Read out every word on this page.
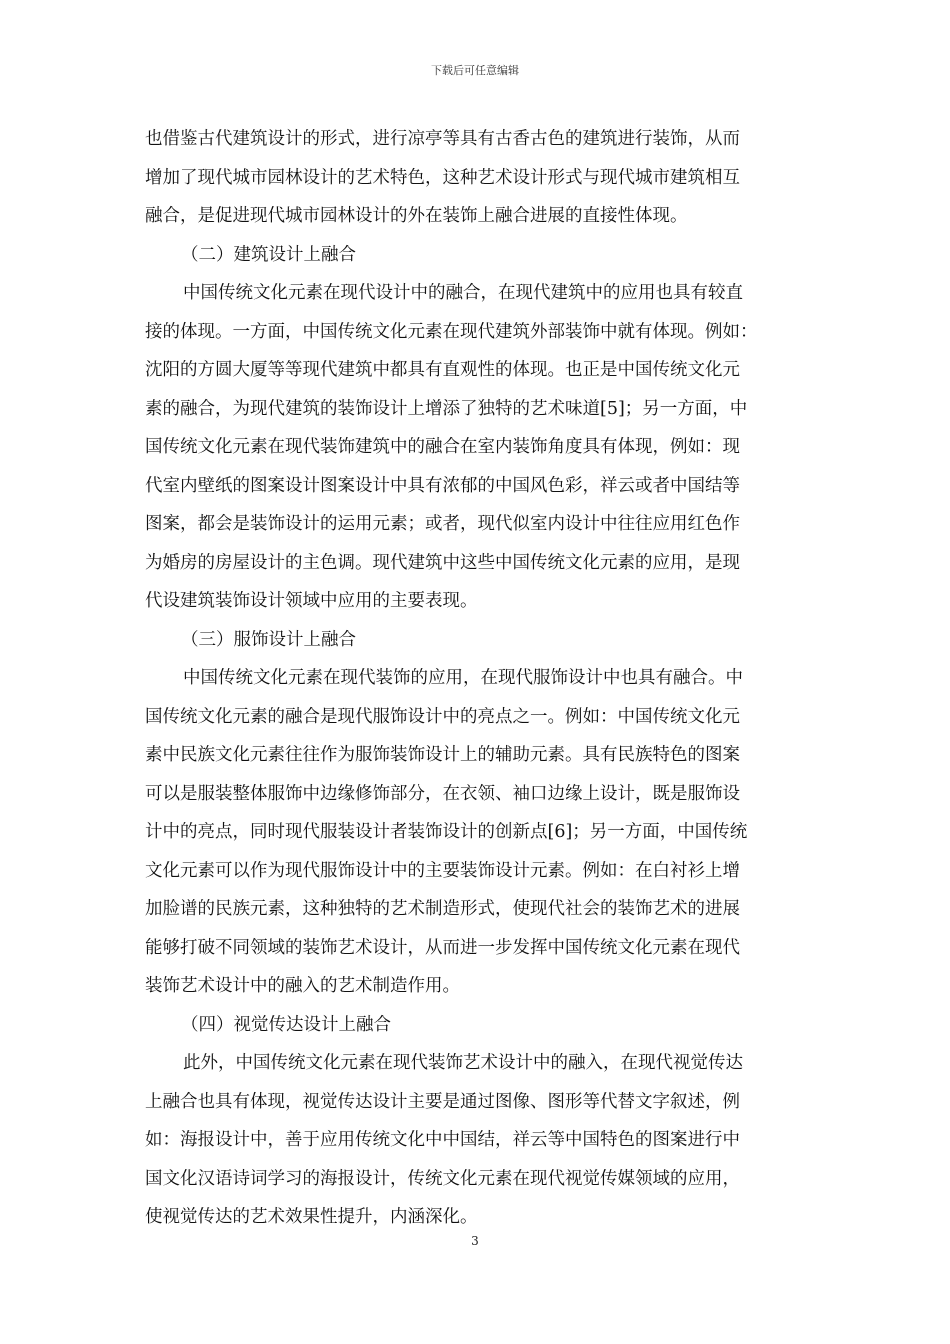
下载后可任意编辑

也借鉴古代建筑设计的形式，进行凉亭等具有古香古色的建筑进行装饰，从而
增加了现代城市园林设计的艺术特色，这种艺术设计形式与现代城市建筑相互
融合，是促进现代城市园林设计的外在装饰上融合进展的直接性体现。

（二）建筑设计上融合

中国传统文化元素在现代设计中的融合，在现代建筑中的应用也具有较直
接的体现。一方面，中国传统文化元素在现代建筑外部装饰中就有体现。例如：
沈阳的方圆大厦等等现代建筑中都具有直观性的体现。也正是中国传统文化元
素的融合，为现代建筑的装饰设计上增添了独特的艺术味道[5]；另一方面，中
国传统文化元素在现代装饰建筑中的融合在室内装饰角度具有体现，例如：现
代室内壁纸的图案设计图案设计中具有浓郁的中国风色彩，祥云或者中国结等
图案，都会是装饰设计的运用元素；或者，现代似室内设计中往往应用红色作
为婚房的房屋设计的主色调。现代建筑中这些中国传统文化元素的应用，是现
代设建筑装饰设计领域中应用的主要表现。

（三）服饰设计上融合

中国传统文化元素在现代装饰的应用，在现代服饰设计中也具有融合。中
国传统文化元素的融合是现代服饰设计中的亮点之一。例如：中国传统文化元
素中民族文化元素往往作为服饰装饰设计上的辅助元素。具有民族特色的图案
可以是服装整体服饰中边缘修饰部分，在衣领、袖口边缘上设计，既是服饰设
计中的亮点，同时现代服装设计者装饰设计的创新点[6]；另一方面，中国传统
文化元素可以作为现代服饰设计中的主要装饰设计元素。例如：在白衬衫上增
加脸谱的民族元素，这种独特的艺术制造形式，使现代社会的装饰艺术的进展
能够打破不同领域的装饰艺术设计，从而进一步发挥中国传统文化元素在现代
装饰艺术设计中的融入的艺术制造作用。

（四）视觉传达设计上融合

此外，中国传统文化元素在现代装饰艺术设计中的融入，在现代视觉传达
上融合也具有体现，视觉传达设计主要是通过图像、图形等代替文字叙述，例
如：海报设计中，善于应用传统文化中中国结，祥云等中国特色的图案进行中
国文化汉语诗词学习的海报设计，传统文化元素在现代视觉传媒领域的应用，
使视觉传达的艺术效果性提升，内涵深化。

3
